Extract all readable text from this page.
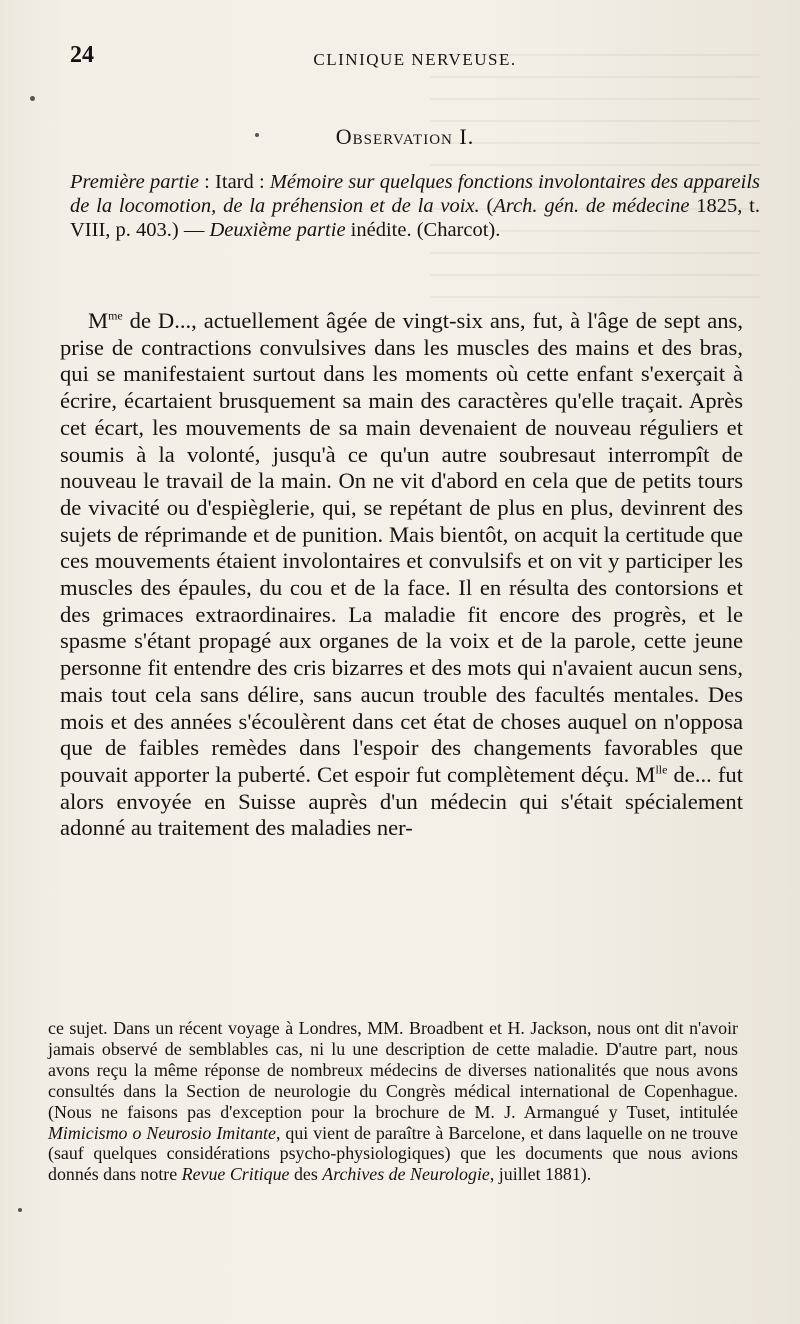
24	CLINIQUE NERVEUSE.
Observation I.
Première partie : Itard : Mémoire sur quelques fonctions involontaires des appareils de la locomotion, de la préhension et de la voix. (Arch. gén. de médecine 1825, t. VIII, p. 403.) — Deuxième partie inédite. (Charcot).

$M^{me}$ de D..., actuellement âgée de vingt-six ans, fut, à l'âge de sept ans, prise de contractions convulsives dans les muscles des mains et des bras, qui se manifestaient surtout dans les moments où cette enfant s'exerçait à écrire, écartaient brusquement sa main des caractères qu'elle traçait. Après cet écart, les mouvements de sa main devenaient de nouveau réguliers et soumis à la volonté, jusqu'à ce qu'un autre soubresaut interrompît de nouveau le travail de la main. On ne vit d'abord en cela que de petits tours de vivacité ou d'espièglerie, qui, se repétant de plus en plus, devinrent des sujets de réprimande et de punition. Mais bientôt, on acquit la certitude que ces mouvements étaient involontaires et convulsifs et on vit y participer les muscles des épaules, du cou et de la face. Il en résulta des contorsions et des grimaces extraordinaires. La maladie fit encore des progrès, et le spasme s'étant propagé aux organes de la voix et de la parole, cette jeune personne fit entendre des cris bizarres et des mots qui n'avaient aucun sens, mais tout cela sans délire, sans aucun trouble des facultés mentales. Des mois et des années s'écoulèrent dans cet état de choses auquel on n'opposa que de faibles remèdes dans l'espoir des changements favorables que pouvait apporter la puberté. Cet espoir fut complètement déçu. $M^{lle}$ de... fut alors envoyée en Suisse auprès d'un médecin qui s'était spécialement adonné au traitement des maladies ner-

ce sujet. Dans un récent voyage à Londres, MM. Broadbent et H. Jackson, nous ont dit n'avoir jamais observé de semblables cas, ni lu une description de cette maladie. D'autre part, nous avons reçu la même réponse de nombreux médecins de diverses nationalités que nous avons consultés dans la Section de neurologie du Congrès médical international de Copenhague. (Nous ne faisons pas d'exception pour la brochure de M. J. Armangué y Tuset, intitulée Mimicismo o Neurosio Imitante, qui vient de paraître à Barcelone, et dans laquelle on ne trouve (sauf quelques considérations psycho-physiologiques) que les documents que nous avions donnés dans notre Revue Critique des Archives de Neurologie, juillet 1881).
